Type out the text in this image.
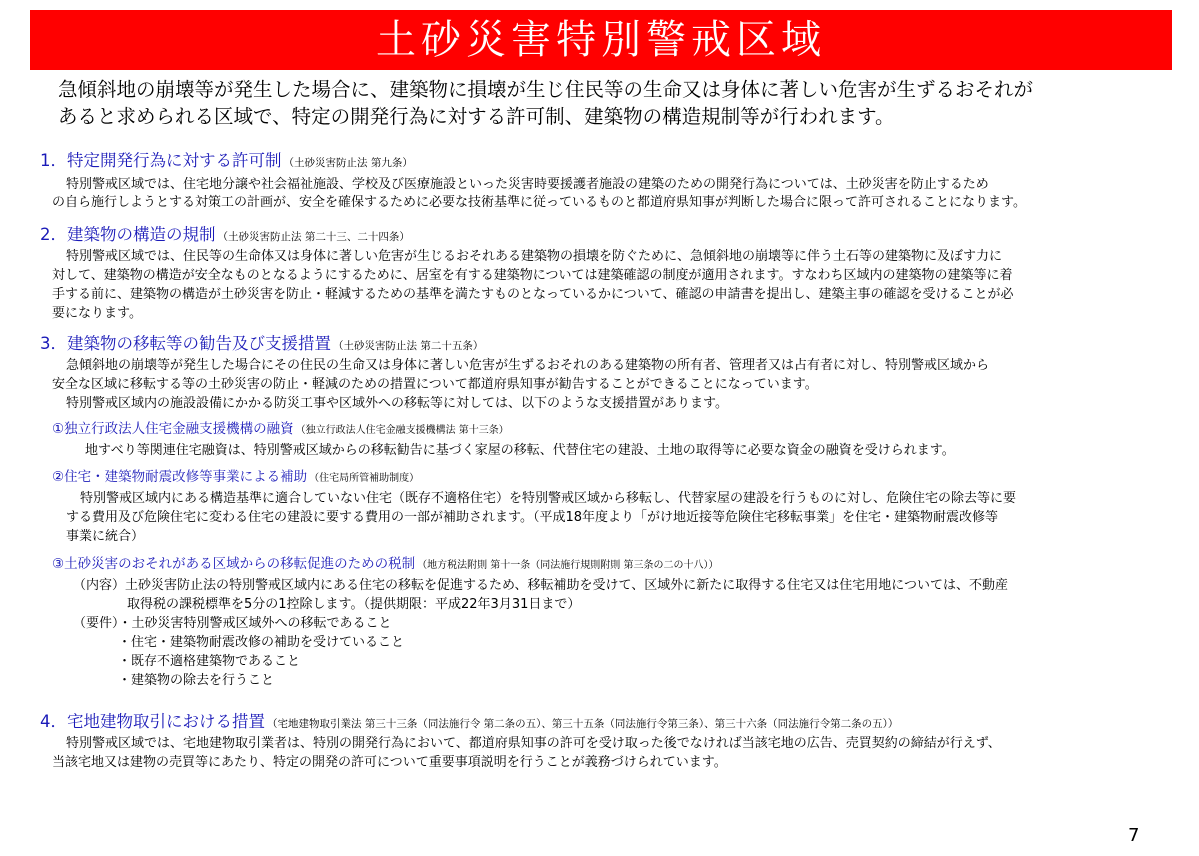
土砂災害特別警戒区域

急傾斜地の崩壊等が発生した場合に、建築物に損壊が生じ住民等の生命又は身体に著しい危害が生ずるおそれが

あると求められる区域で、特定の開発行為に対する許可制、建築物の構造規制等が行われます。

1．特定開発行為に対する許可制 （土砂災害防止法 第九条）

特別警戒区域では、住宅地分譲や社会福祉施設、学校及び医療施設といった災害時要援護者施設の建築のための開発行為については、土砂災害を防止するため

の自ら施行しようとする対策工の計画が、安全を確保するために必要な技術基準に従っているものと都道府県知事が判断した場合に限って許可されることになります。

2．建築物の構造の規制 （土砂災害防止法 第二十三、二十四条）

特別警戒区域では、住民等の生命体又は身体に著しい危害が生じるおそれある建築物の損壊を防ぐために、急傾斜地の崩壊等に伴う土石等の建築物に及ぼす力に

対して、建築物の構造が安全なものとなるようにするために、居室を有する建築物については建築確認の制度が適用されます。すなわち区域内の建築物の建築等に着

手する前に、建築物の構造が土砂災害を防止・軽減するための基準を満たすものとなっているかについて、確認の申請書を提出し、建築主事の確認を受けることが必

要になります。

3．建築物の移転等の勧告及び支援措置 （土砂災害防止法 第二十五条）

急傾斜地の崩壊等が発生した場合にその住民の生命又は身体に著しい危害が生ずるおそれのある建築物の所有者、管理者又は占有者に対し、特別警戒区域から

安全な区域に移転する等の土砂災害の防止・軽減のための措置について都道府県知事が勧告することができることになっています。

特別警戒区域内の施設設備にかかる防災工事や区域外への移転等に対しては、以下のような支援措置があります。

①独立行政法人住宅金融支援機構の融資 （独立行政法人住宅金融支援機構法 第十三条）

地すべり等関連住宅融資は、特別警戒区域からの移転勧告に基づく家屋の移転、代替住宅の建設、土地の取得等に必要な資金の融資を受けられます。

②住宅・建築物耐震改修等事業による補助 （住宅局所管補助制度）

特別警戒区域内にある構造基準に適合していない住宅（既存不適格住宅）を特別警戒区域から移転し、代替家屋の建設を行うものに対し、危険住宅の除去等に要

する費用及び危険住宅に変わる住宅の建設に要する費用の一部が補助されます。（平成18年度より「がけ地近接等危険住宅移転事業」を住宅・建築物耐震改修等

事業に統合）

③土砂災害のおそれがある区域からの移転促進のための税制 （地方税法附則 第十一条（同法施行規則附則 第三条の二の十八））

（内容）土砂災害防止法の特別警戒区域内にある住宅の移転を促進するため、移転補助を受けて、区域外に新たに取得する住宅又は住宅用地については、不動産

取得税の課税標準を5分の1控除します。（提供期限：平成22年3月31日まで）

（要件）・土砂災害特別警戒区域外への移転であること

・住宅・建築物耐震改修の補助を受けていること

・既存不適格建築物であること

・建築物の除去を行うこと

4．宅地建物取引における措置 （宅地建物取引業法 第三十三条（同法施行令 第二条の五）、第三十五条（同法施行令第三条）、第三十六条（同法施行令第二条の五））

特別警戒区域では、宅地建物取引業者は、特別の開発行為において、都道府県知事の許可を受け取った後でなければ当該宅地の広告、売買契約の締結が行えず、

当該宅地又は建物の売買等にあたり、特定の開発の許可について重要事項説明を行うことが義務づけられています。

7
